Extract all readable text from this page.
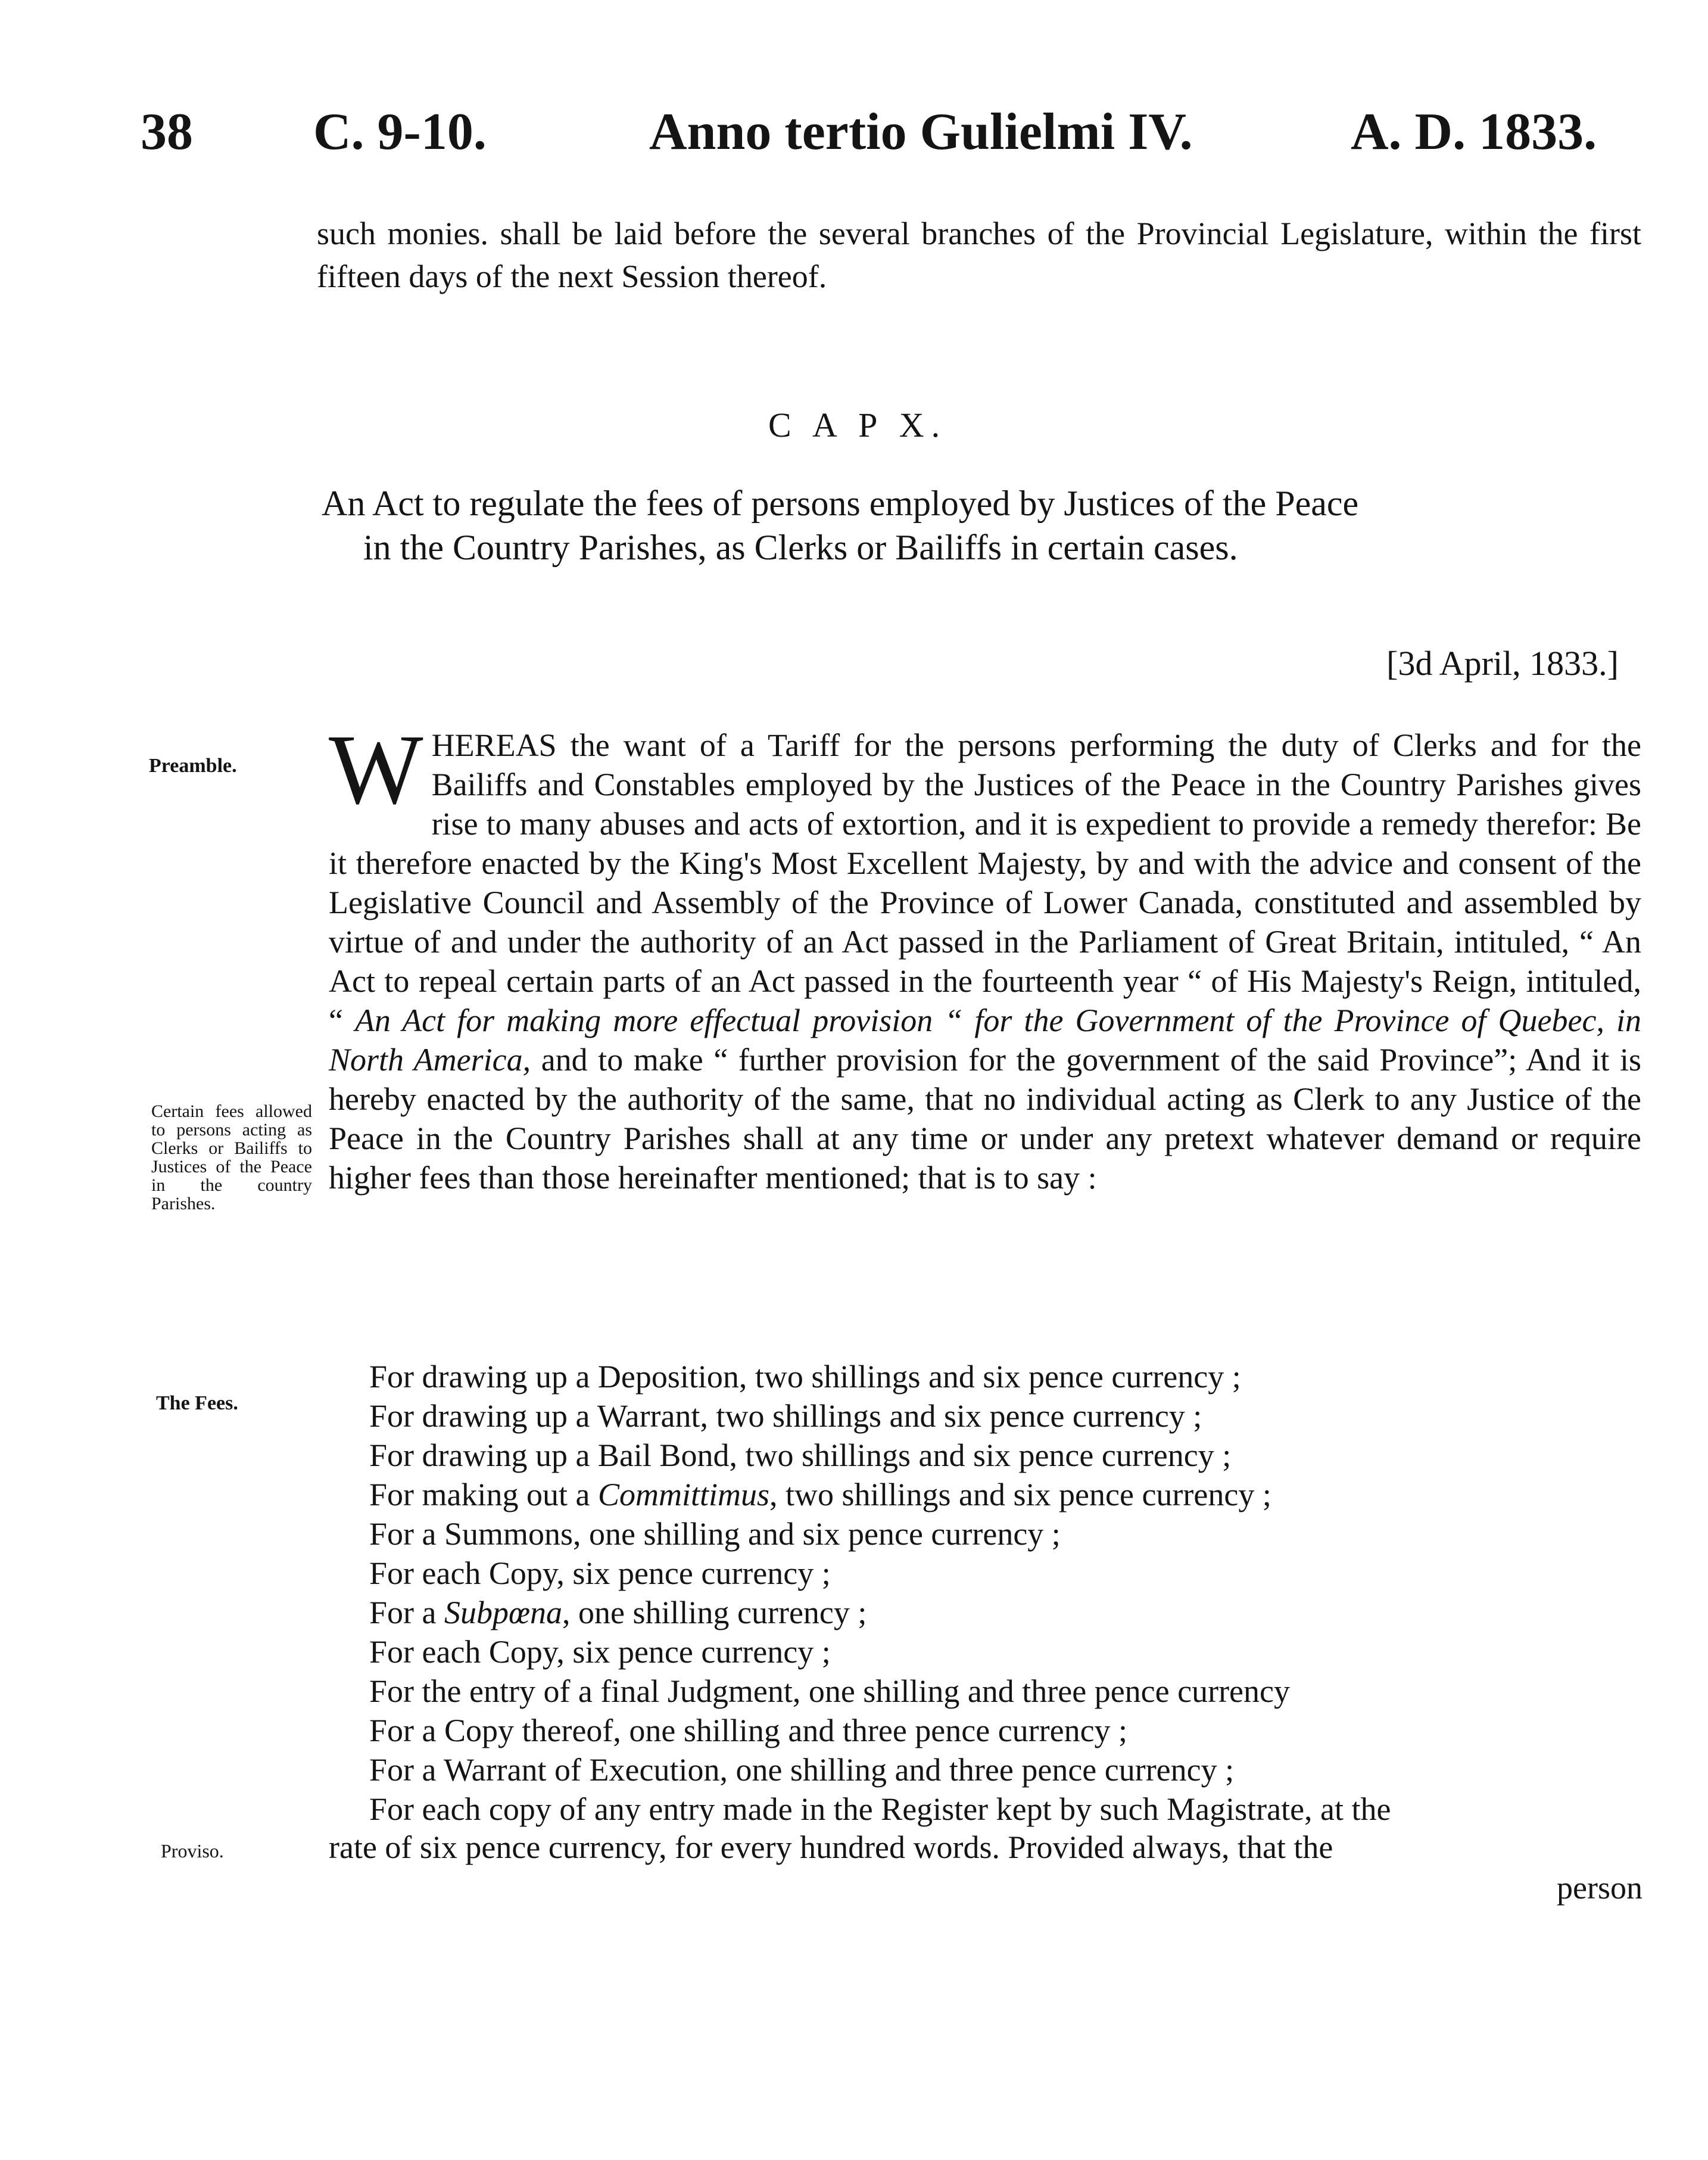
38 C. 9-10.	Anno tertio Gulielmi IV.	A. D. 1833.

such monies. shall be laid before the several branches of the Provincial Legislature, within the first fifteen days of the next Session thereof.

C A P X.
An Act to regulate the fees of persons employed by Justices of the Peace
in the Country Parishes, as Clerks or Bailiffs in certain cases.
[3d April, 1833.]
Preamble.
Certain fees allowed to persons acting as Clerks or Bailiffs to Justices of the Peace in the country Parishes.
The Fees.
Proviso.
W HEREAS the want of a Tariff for the persons performing the duty of Clerks and for the Bailiffs and Constables employed by the Justices of the Peace in the Country Parishes gives rise to many abuses and acts of extortion, and it is expedient to provide a remedy therefor: Be it therefore enacted by the King's Most Excellent Majesty, by and with the advice and consent of the Legislative Council and Assembly of the Province of Lower Canada, constituted and assembled by virtue of and under the authority of an Act passed in the Parliament of Great Britain, intituled, “ An Act to repeal certain parts of an Act passed in the fourteenth year “ of His Majesty's Reign, intituled, “ An Act for making more effectual provision “ for the Government of the Province of Quebec, in North America, and to make “ further provision for the government of the said Province”; And it is hereby enacted by the authority of the same, that no individual acting as Clerk to any Justice of the Peace in the Country Parishes shall at any time or under any pretext whatever demand or require higher fees than those hereinafter mentioned; that is to say :
For drawing up a Deposition, two shillings and six pence currency ;
For drawing up a Warrant, two shillings and six pence currency ;
For drawing up a Bail Bond, two shillings and six pence currency ;
For making out a Committimus, two shillings and six pence currency ;
For a Summons, one shilling and six pence currency ;
For each Copy, six pence currency ;
For a Subpœna, one shilling currency ;
For each Copy, six pence currency ;
For the entry of a final Judgment, one shilling and three pence currency
For a Copy thereof, one shilling and three pence currency ;
For a Warrant of Execution, one shilling and three pence currency ;
For each copy of any entry made in the Register kept by such Magistrate, at the
rate of six pence currency, for every hundred words. Provided always, that the
person
